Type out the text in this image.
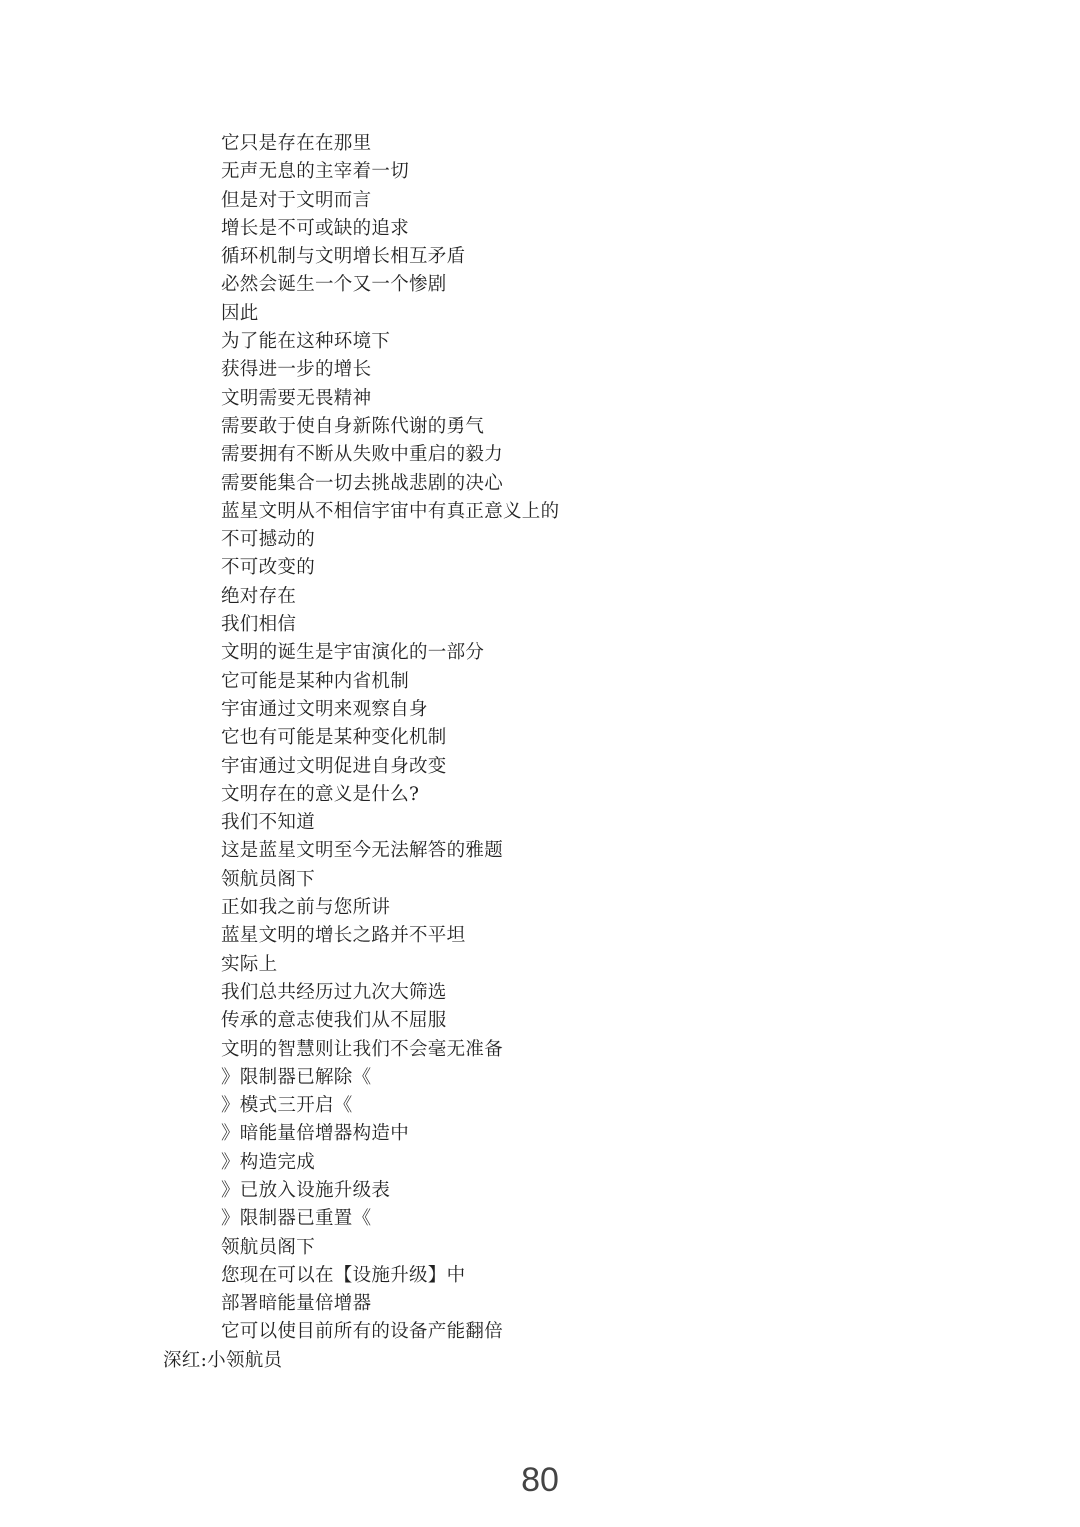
它只是存在在那里
无声无息的主宰着一切
但是对于文明而言
增长是不可或缺的追求
循环机制与文明增长相互矛盾
必然会诞生一个又一个惨剧
因此
为了能在这种环境下
获得进一步的增长
文明需要无畏精神
需要敢于使自身新陈代谢的勇气
需要拥有不断从失败中重启的毅力
需要能集合一切去挑战悲剧的决心
蓝星文明从不相信宇宙中有真正意义上的
不可撼动的
不可改变的
绝对存在
我们相信
文明的诞生是宇宙演化的一部分
它可能是某种内省机制
宇宙通过文明来观察自身
它也有可能是某种变化机制
宇宙通过文明促进自身改变
文明存在的意义是什么?
我们不知道
这是蓝星文明至今无法解答的雅题
领航员阁下
正如我之前与您所讲
蓝星文明的增长之路并不平坦
实际上
我们总共经历过九次大筛选
传承的意志使我们从不屈服
文明的智慧则让我们不会毫无准备
》限制器已解除《
》模式三开启《
》暗能量倍增器构造中
》构造完成
》已放入设施升级表
》限制器已重置《
领航员阁下
您现在可以在【设施升级】中
部署暗能量倍增器
它可以使目前所有的设备产能翻倍
深红:小领航员
80
